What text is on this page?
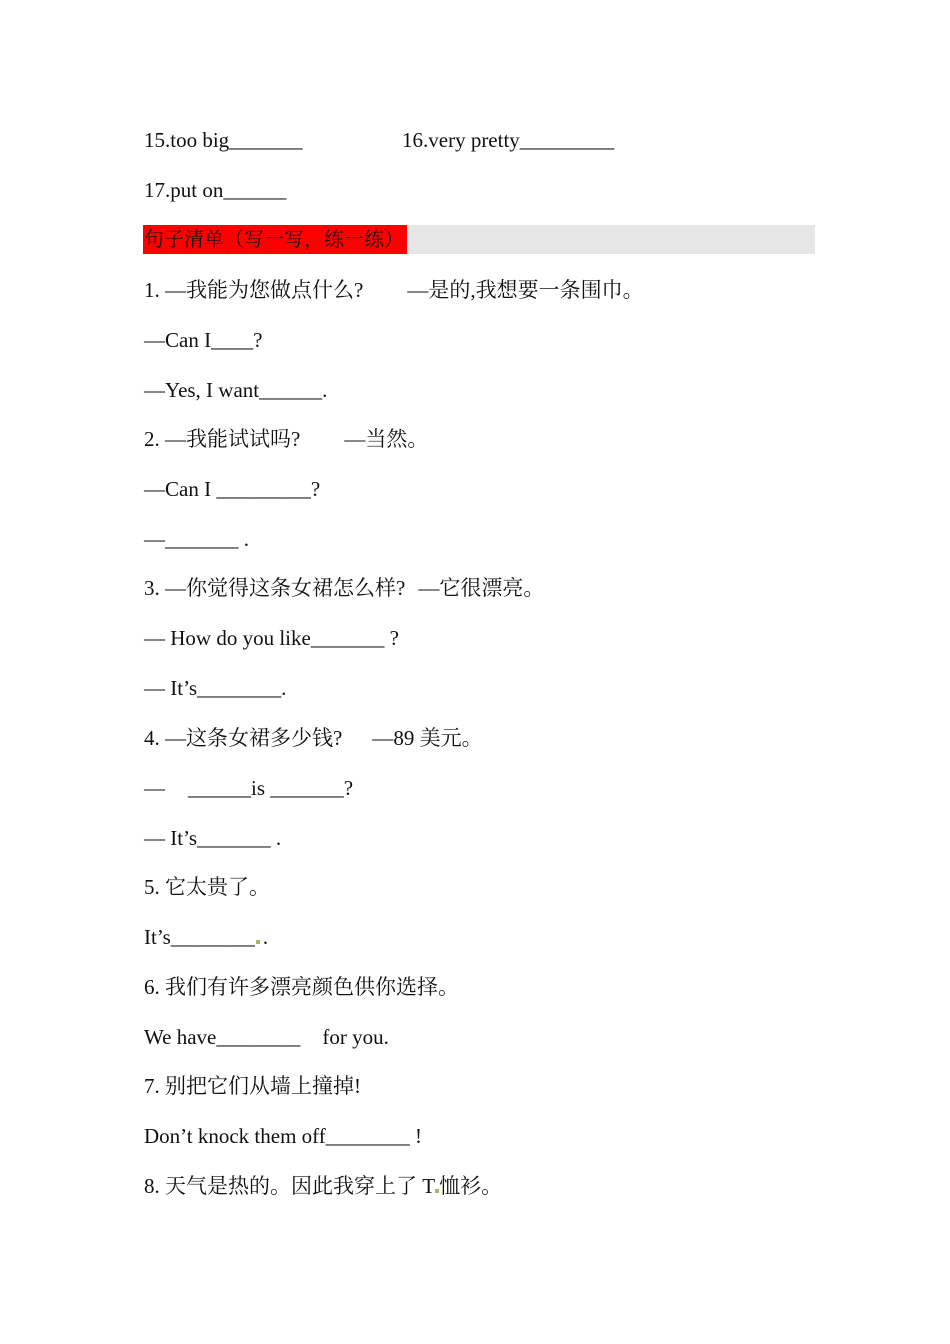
15.too big_______	16.very pretty_________
17.put on______
句子清单（写一写，练一练）
1. —我能为您做点什么? —是的,我想要一条围巾。
—Can I____?
—Yes, I want______.
2. —我能试试吗? —当然。
—Can I _________?
—_______ .
3. —你觉得这条女裙怎么样? —它很漂亮。
— How do you like_______ ?
— It’s________.
4. —这条女裙多少钱? —89 美元。
— ______is _______?
— It’s_______ .
5. 它太贵了。
It’s________ .
6. 我们有许多漂亮颜色供你选择。
We have________ for you.
7. 别把它们从墙上撞掉!
Don’t knock them off________ !
8. 天气是热的。因此我穿上了 T 恤衫。
